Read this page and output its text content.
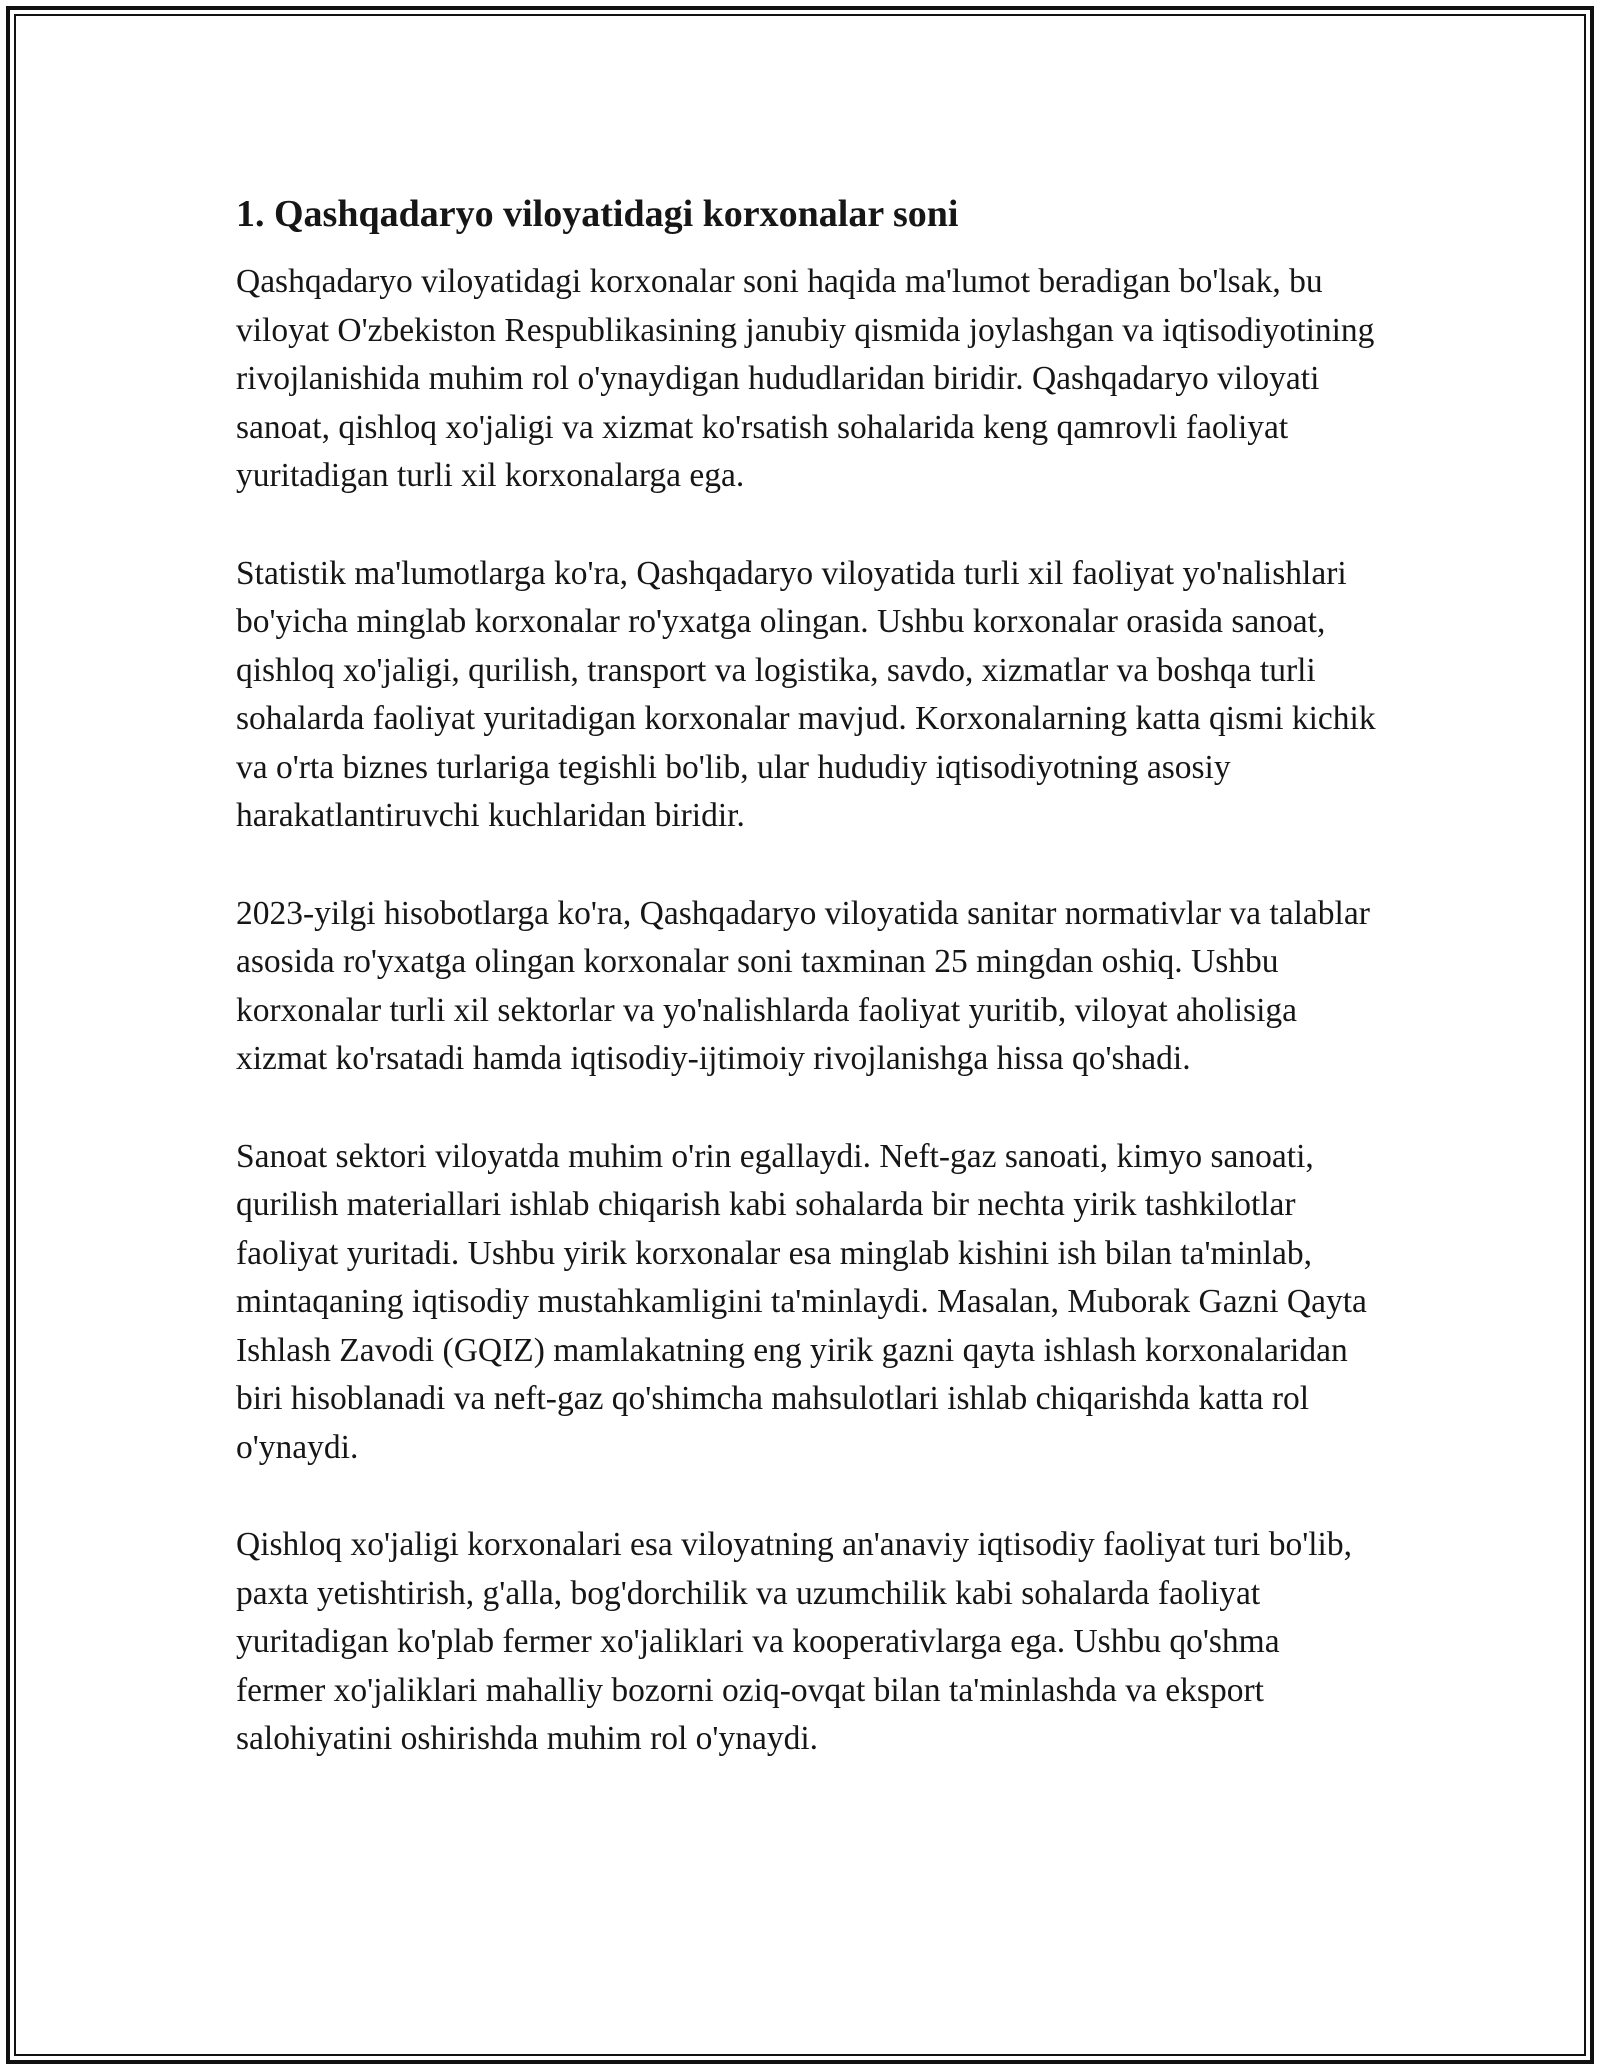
1. Qashqadaryo viloyatidagi korxonalar soni

Qashqadaryo viloyatidagi korxonalar soni haqida ma'lumot beradigan bo'lsak, bu viloyat O'zbekiston Respublikasining janubiy qismida joylashgan va iqtisodiyotining rivojlanishida muhim rol o'ynaydigan hududlaridan biridir. Qashqadaryo viloyati sanoat, qishloq xo'jaligi va xizmat ko'rsatish sohalarida keng qamrovli faoliyat yuritadigan turli xil korxonalarga ega.

Statistik ma'lumotlarga ko'ra, Qashqadaryo viloyatida turli xil faoliyat yo'nalishlari bo'yicha minglab korxonalar ro'yxatga olingan. Ushbu korxonalar orasida sanoat, qishloq xo'jaligi, qurilish, transport va logistika, savdo, xizmatlar va boshqa turli sohalarda faoliyat yuritadigan korxonalar mavjud. Korxonalarning katta qismi kichik va o'rta biznes turlariga tegishli bo'lib, ular hududiy iqtisodiyotning asosiy harakatlantiruvchi kuchlaridan biridir.

2023-yilgi hisobotlarga ko'ra, Qashqadaryo viloyatida sanitar normativlar va talablar asosida ro'yxatga olingan korxonalar soni taxminan 25 mingdan oshiq. Ushbu korxonalar turli xil sektorlar va yo'nalishlarda faoliyat yuritib, viloyat aholisiga xizmat ko'rsatadi hamda iqtisodiy-ijtimoiy rivojlanishga hissa qo'shadi.

Sanoat sektori viloyatda muhim o'rin egallaydi. Neft-gaz sanoati, kimyo sanoati, qurilish materiallari ishlab chiqarish kabi sohalarda bir nechta yirik tashkilotlar faoliyat yuritadi. Ushbu yirik korxonalar esa minglab kishini ish bilan ta'minlab, mintaqaning iqtisodiy mustahkamligini ta'minlaydi. Masalan, Muborak Gazni Qayta Ishlash Zavodi (GQIZ) mamlakatning eng yirik gazni qayta ishlash korxonalaridan biri hisoblanadi va neft-gaz qo'shimcha mahsulotlari ishlab chiqarishda katta rol o'ynaydi.

Qishloq xo'jaligi korxonalari esa viloyatning an'anaviy iqtisodiy faoliyat turi bo'lib, paxta yetishtirish, g'alla, bog'dorchilik va uzumchilik kabi sohalarda faoliyat yuritadigan ko'plab fermer xo'jaliklari va kooperativlarga ega. Ushbu qo'shma fermer xo'jaliklari mahalliy bozorni oziq-ovqat bilan ta'minlashda va eksport salohiyatini oshirishda muhim rol o'ynaydi.
